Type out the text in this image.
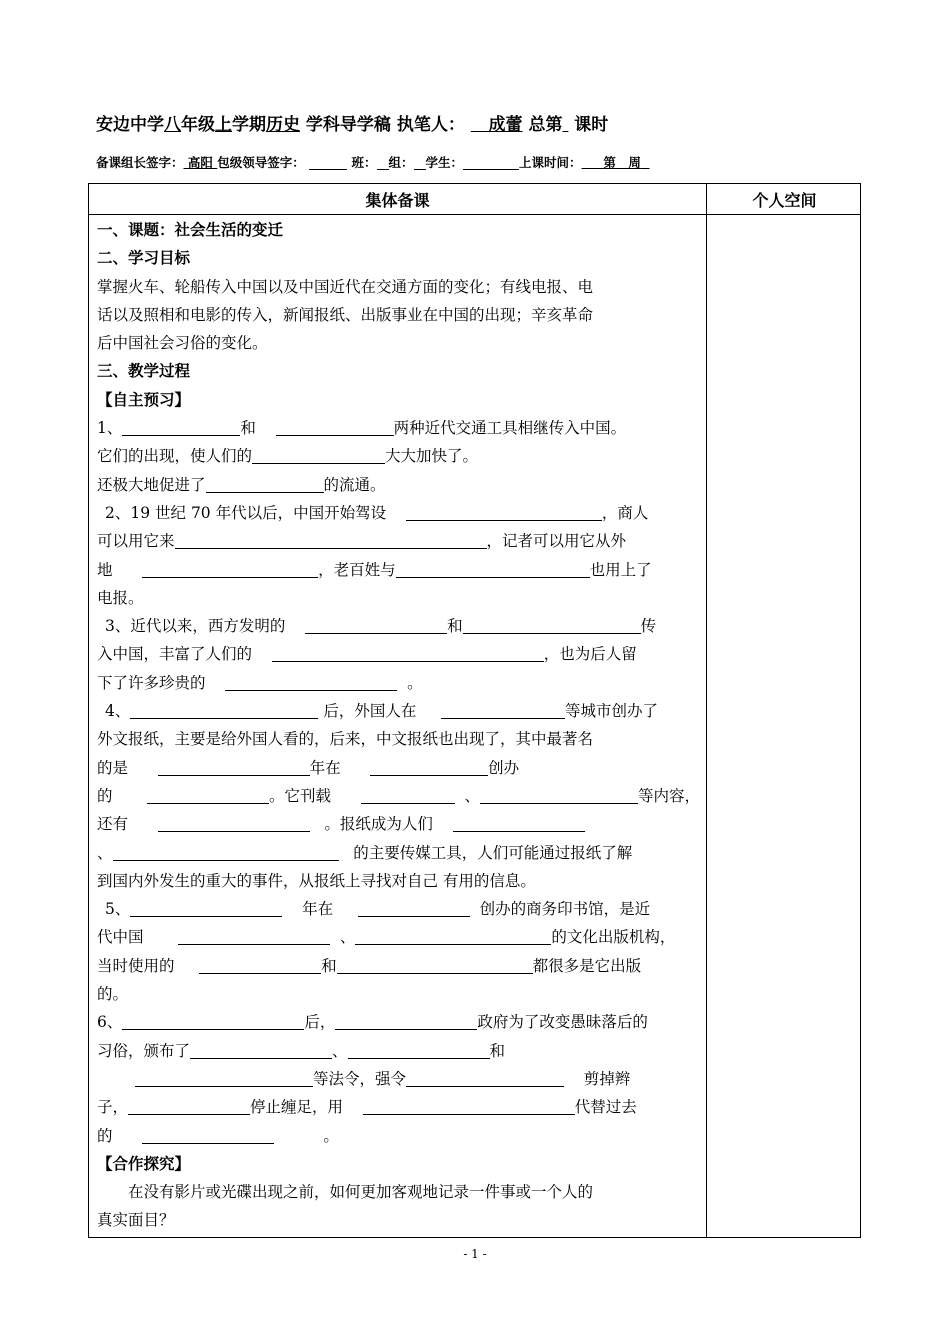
安边中学八年级上学期历史 学科导学稿 执笔人： 成蕾 总第 课时
备课组长签字： 高阳 包级领导签字：	班： 组： 学生：	上课时间： 第　周
集体备课	个人空间
一、课题：社会生活的变迁
二、学习目标
掌握火车、轮船传入中国以及中国近代在交通方面的变化；有线电报、电
话以及照相和电影的传入，新闻报纸、出版事业在中国的出现；辛亥革命
后中国社会习俗的变化。
三、教学过程
【自主预习】
1、	和	两种近代交通工具相继传入中国。
它们的出现，使人们的	大大加快了。
还极大地促进了	的流通。
2、19 世纪 70 年代以后，中国开始驾设	，商人
可以用它来	，记者可以用它从外
地	，老百姓与	也用上了
电报。
3、近代以来，西方发明的	和	传
入中国，丰富了人们的	，也为后人留
下了许多珍贵的	。
4、	后，外国人在	等城市创办了
外文报纸，主要是给外国人看的，后来，中文报纸也出现了，其中最著名
的是	年在	创办
的	。它刊载	、	等内容，
还有	。报纸成为人们
、	的主要传媒工具，人们可能通过报纸了解
到国内外发生的重大的事件，从报纸上寻找对自己 有用的信息。
5、	年在	创办的商务印书馆，是近
代中国	、	的文化出版机构，
当时使用的	和	都很多是它出版
的。
6、	后，	政府为了改变愚昧落后的
习俗，颁布了	、	和
等法令，强令	剪掉辫
子，	停止缠足，用	代替过去
的	。
【合作探究】
在没有影片或光碟出现之前，如何更加客观地记录一件事或一个人的
真实面目？
- 1 -
